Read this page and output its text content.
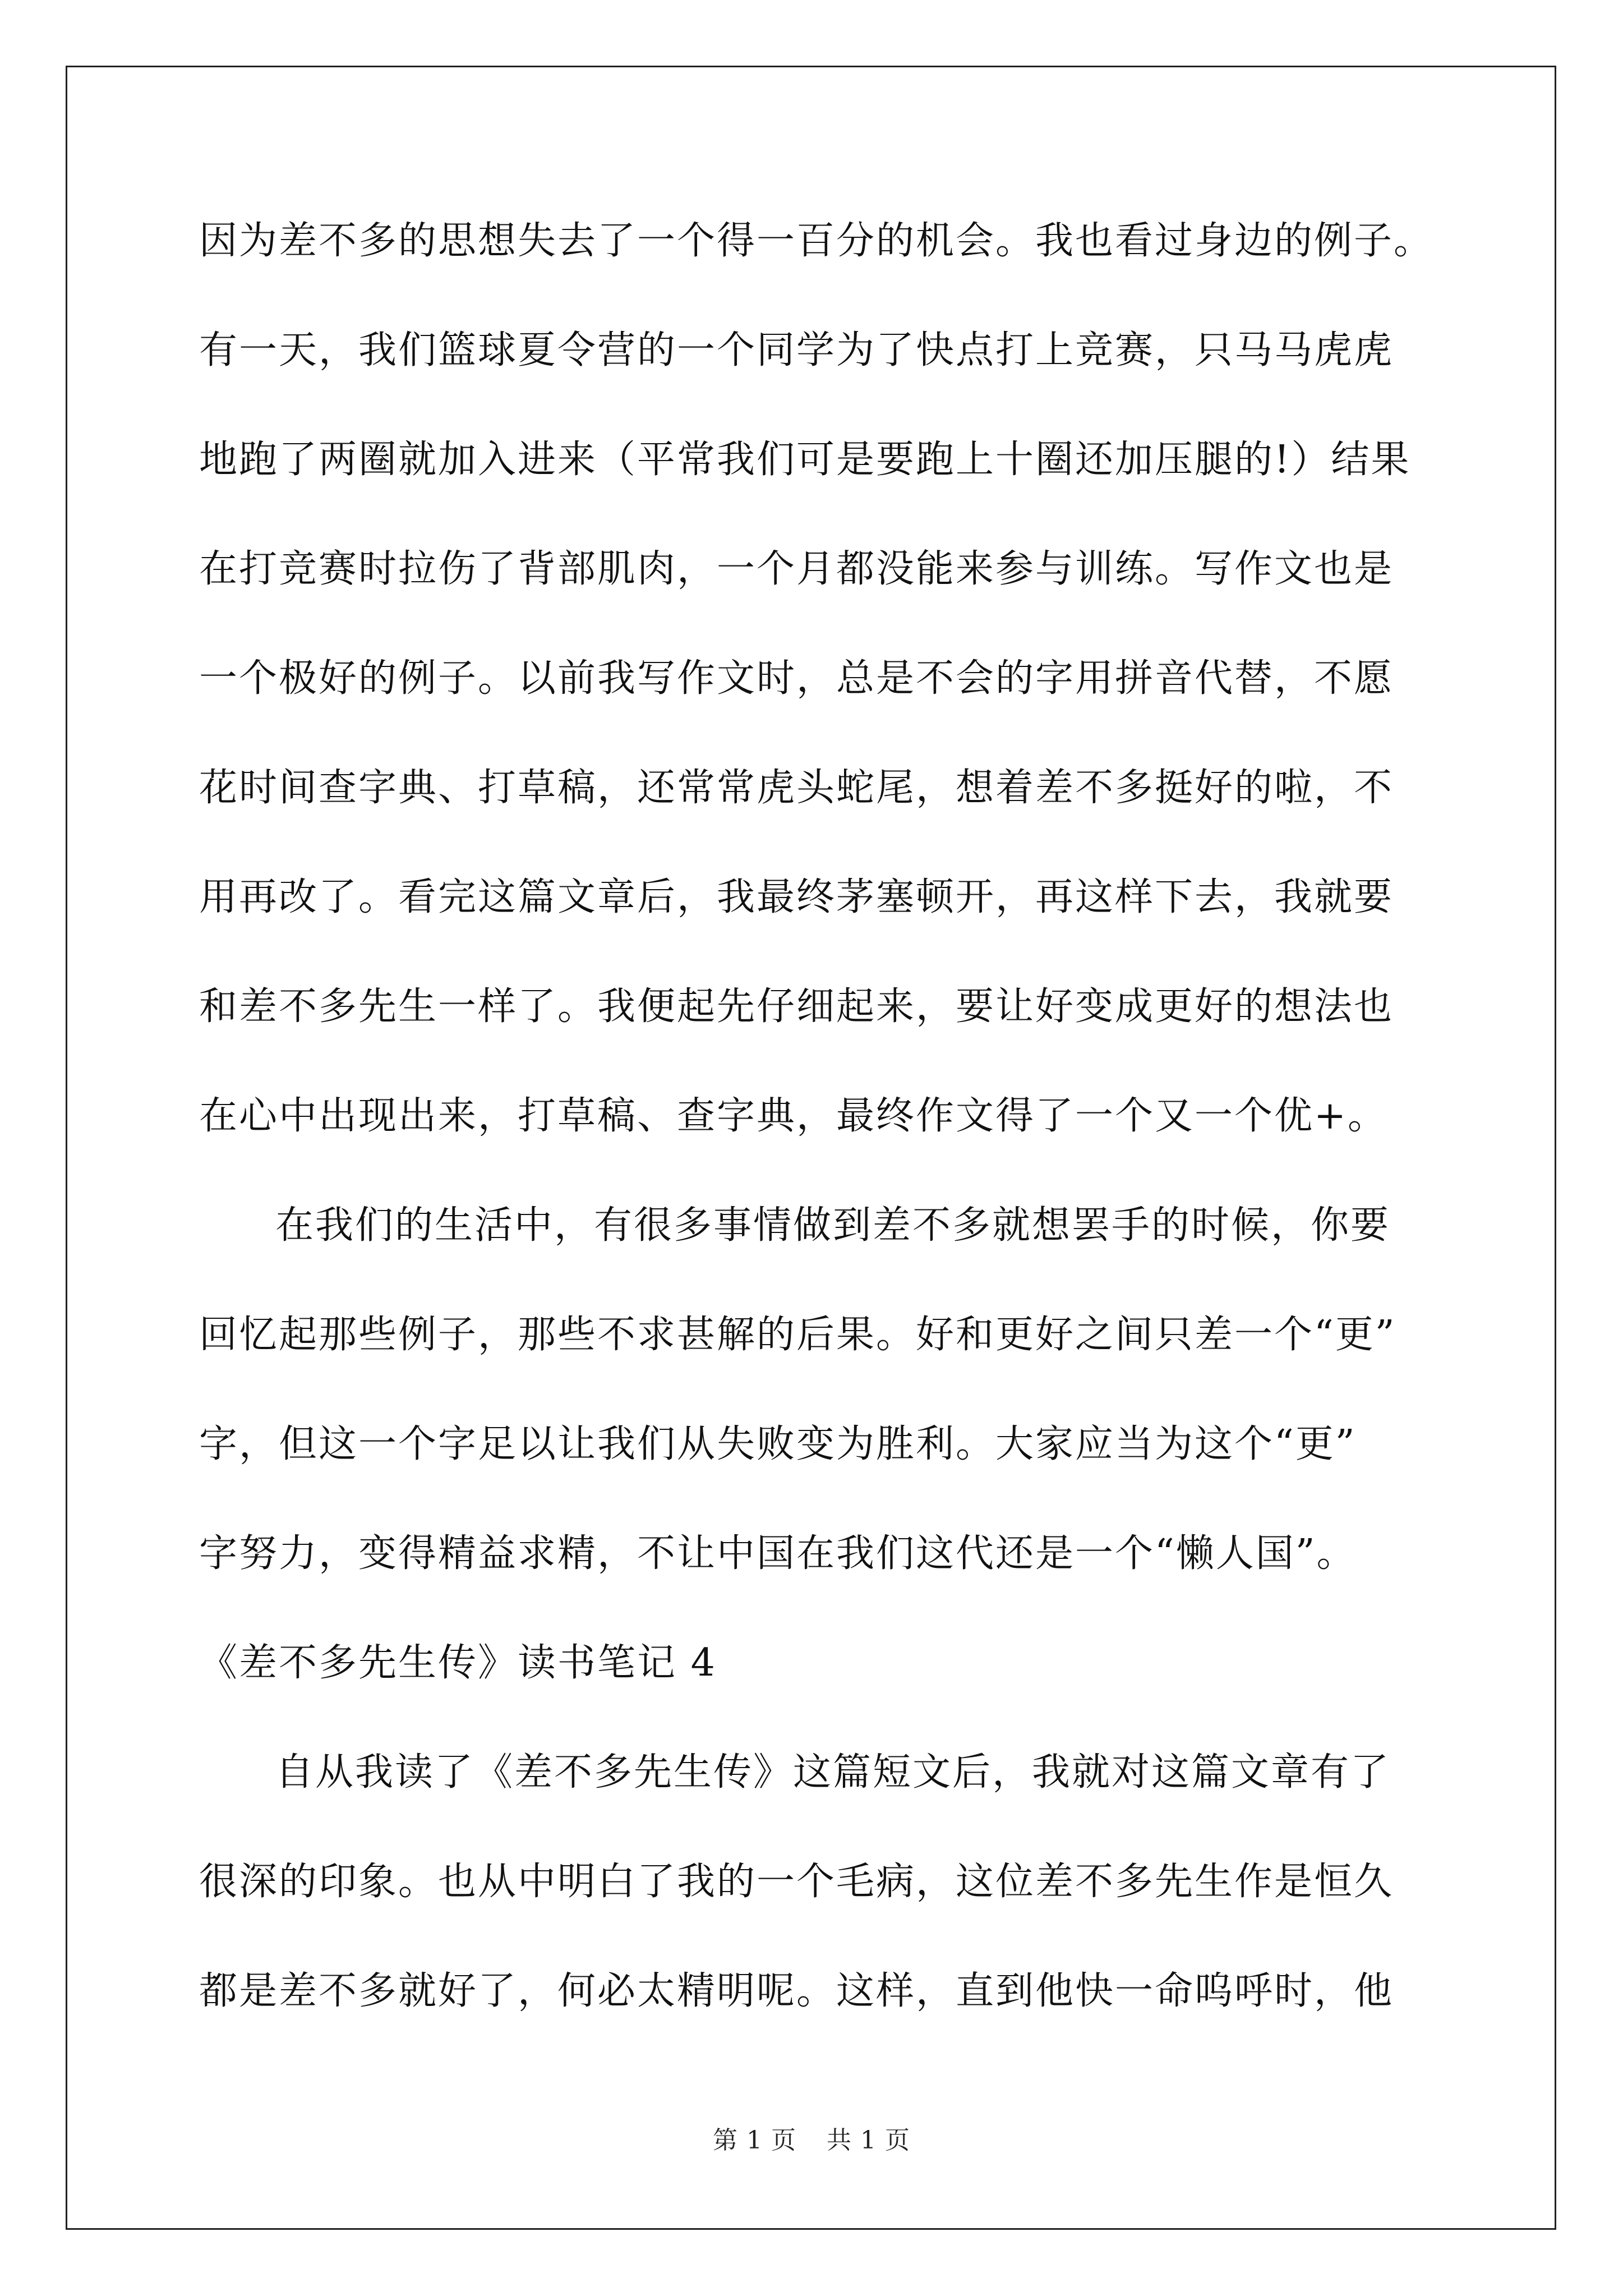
因为差不多的思想失去了一个得一百分的机会。我也看过身边的例子。
有一天，我们篮球夏令营的一个同学为了快点打上竞赛，只马马虎虎
地跑了两圈就加入进来（平常我们可是要跑上十圈还加压腿的!）结果
在打竞赛时拉伤了背部肌肉，一个月都没能来参与训练。写作文也是
一个极好的例子。以前我写作文时，总是不会的字用拼音代替，不愿
花时间查字典、打草稿，还常常虎头蛇尾，想着差不多挺好的啦，不
用再改了。看完这篇文章后，我最终茅塞顿开，再这样下去，我就要
和差不多先生一样了。我便起先仔细起来，要让好变成更好的想法也
在心中出现出来，打草稿、查字典，最终作文得了一个又一个优+。
在我们的生活中，有很多事情做到差不多就想罢手的时候，你要
回忆起那些例子，那些不求甚解的后果。好和更好之间只差一个“更”
字，但这一个字足以让我们从失败变为胜利。大家应当为这个“更”
字努力，变得精益求精，不让中国在我们这代还是一个“懒人国”。
《差不多先生传》读书笔记 4
自从我读了《差不多先生传》这篇短文后，我就对这篇文章有了
很深的印象。也从中明白了我的一个毛病，这位差不多先生作是恒久
都是差不多就好了，何必太精明呢。这样，直到他快一命呜呼时，他
第 1 页 共 1 页
